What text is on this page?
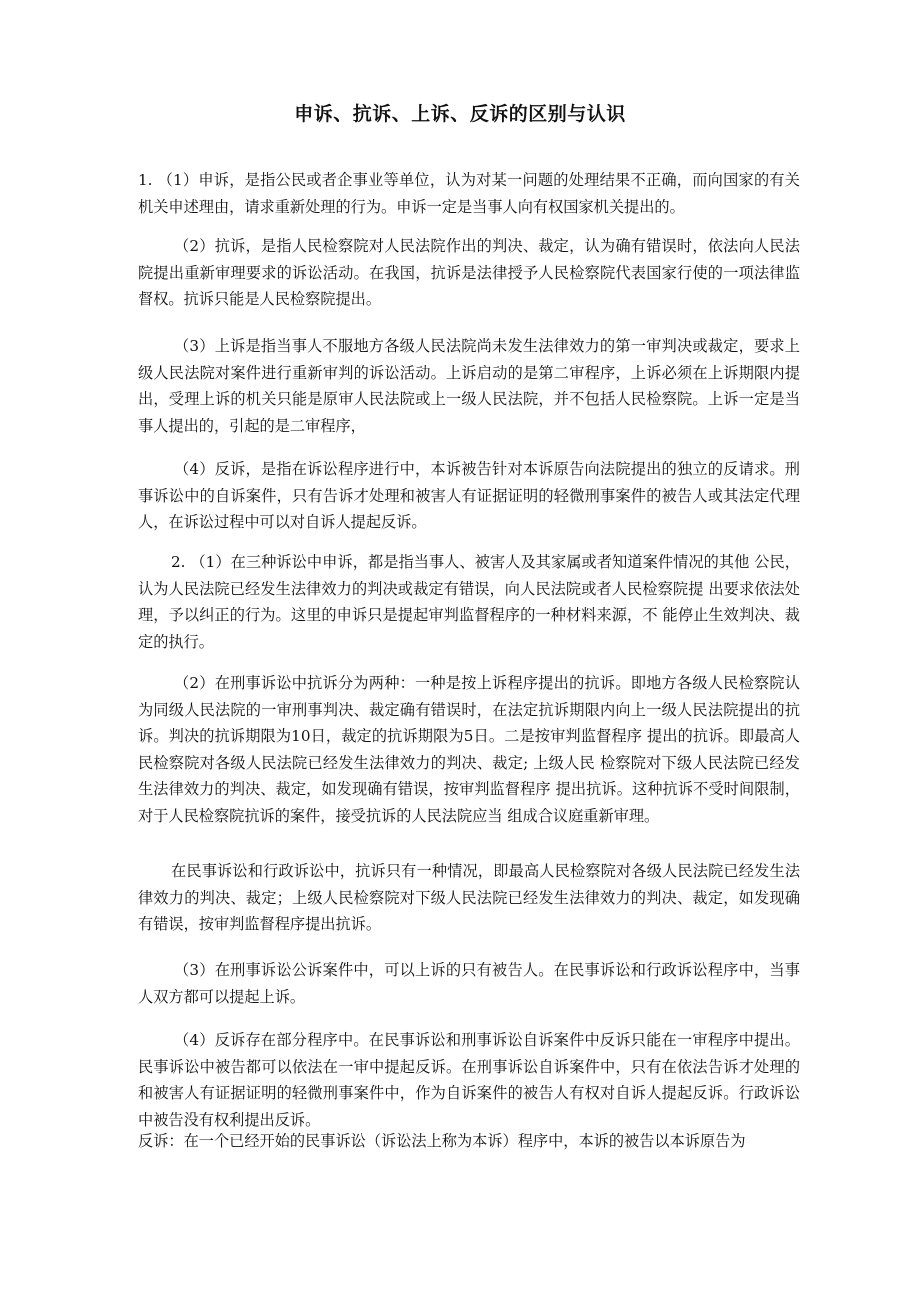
申诉、抗诉、上诉、反诉的区别与认识

1. （1）申诉，是指公民或者企事业等单位，认为对某一问题的处理结果不正确，而向国家的有关机关申述理由，请求重新处理的行为。申诉一定是当事人向有权国家机关提出的。

（2）抗诉，是指人民检察院对人民法院作出的判决、裁定，认为确有错误时，依法向人民法院提出重新审理要求的诉讼活动。在我国，抗诉是法律授予人民检察院代表国家行使的一项法律监督权。抗诉只能是人民检察院提出。

（3）上诉是指当事人不服地方各级人民法院尚未发生法律效力的第一审判决或裁定，要求上级人民法院对案件进行重新审判的诉讼活动。上诉启动的是第二审程序，上诉必须在上诉期限内提出，受理上诉的机关只能是原审人民法院或上一级人民法院，并不包括人民检察院。上诉一定是当事人提出的，引起的是二审程序，

（4）反诉，是指在诉讼程序进行中，本诉被告针对本诉原告向法院提出的独立的反请求。刑事诉讼中的自诉案件，只有告诉才处理和被害人有证据证明的轻微刑事案件的被告人或其法定代理人，在诉讼过程中可以对自诉人提起反诉。

2. （1）在三种诉讼中申诉，都是指当事人、被害人及其家属或者知道案件情况的其他 公民，认为人民法院已经发生法律效力的判决或裁定有错误，向人民法院或者人民检察院提 出要求依法处理，予以纠正的行为。这里的申诉只是提起审判监督程序的一种材料来源，不 能停止生效判决、裁定的执行。

（2）在刑事诉讼中抗诉分为两种：一种是按上诉程序提出的抗诉。即地方各级人民检察院认为同级人民法院的一审刑事判决、裁定确有错误时，在法定抗诉期限内向上一级人民法院提出的抗诉。判决的抗诉期限为10日，裁定的抗诉期限为5日。二是按审判监督程序 提出的抗诉。即最高人民检察院对各级人民法院已经发生法律效力的判决、裁定; 上级人民 检察院对下级人民法院已经发生法律效力的判决、裁定，如发现确有错误，按审判监督程序 提出抗诉。这种抗诉不受时间限制，对于人民检察院抗诉的案件，接受抗诉的人民法院应当 组成合议庭重新审理。

在民事诉讼和行政诉讼中，抗诉只有一种情况，即最高人民检察院对各级人民法院已经发生法律效力的判决、裁定；上级人民检察院对下级人民法院已经发生法律效力的判决、裁定，如发现确有错误，按审判监督程序提出抗诉。

（3）在刑事诉讼公诉案件中，可以上诉的只有被告人。在民事诉讼和行政诉讼程序中，当事人双方都可以提起上诉。

（4）反诉存在部分程序中。在民事诉讼和刑事诉讼自诉案件中反诉只能在一审程序中提出。民事诉讼中被告都可以依法在一审中提起反诉。在刑事诉讼自诉案件中，只有在依法告诉才处理的和被害人有证据证明的轻微刑事案件中，作为自诉案件的被告人有权对自诉人提起反诉。行政诉讼中被告没有权利提出反诉。

反诉：在一个已经开始的民事诉讼（诉讼法上称为本诉）程序中，本诉的被告以本诉原告为
